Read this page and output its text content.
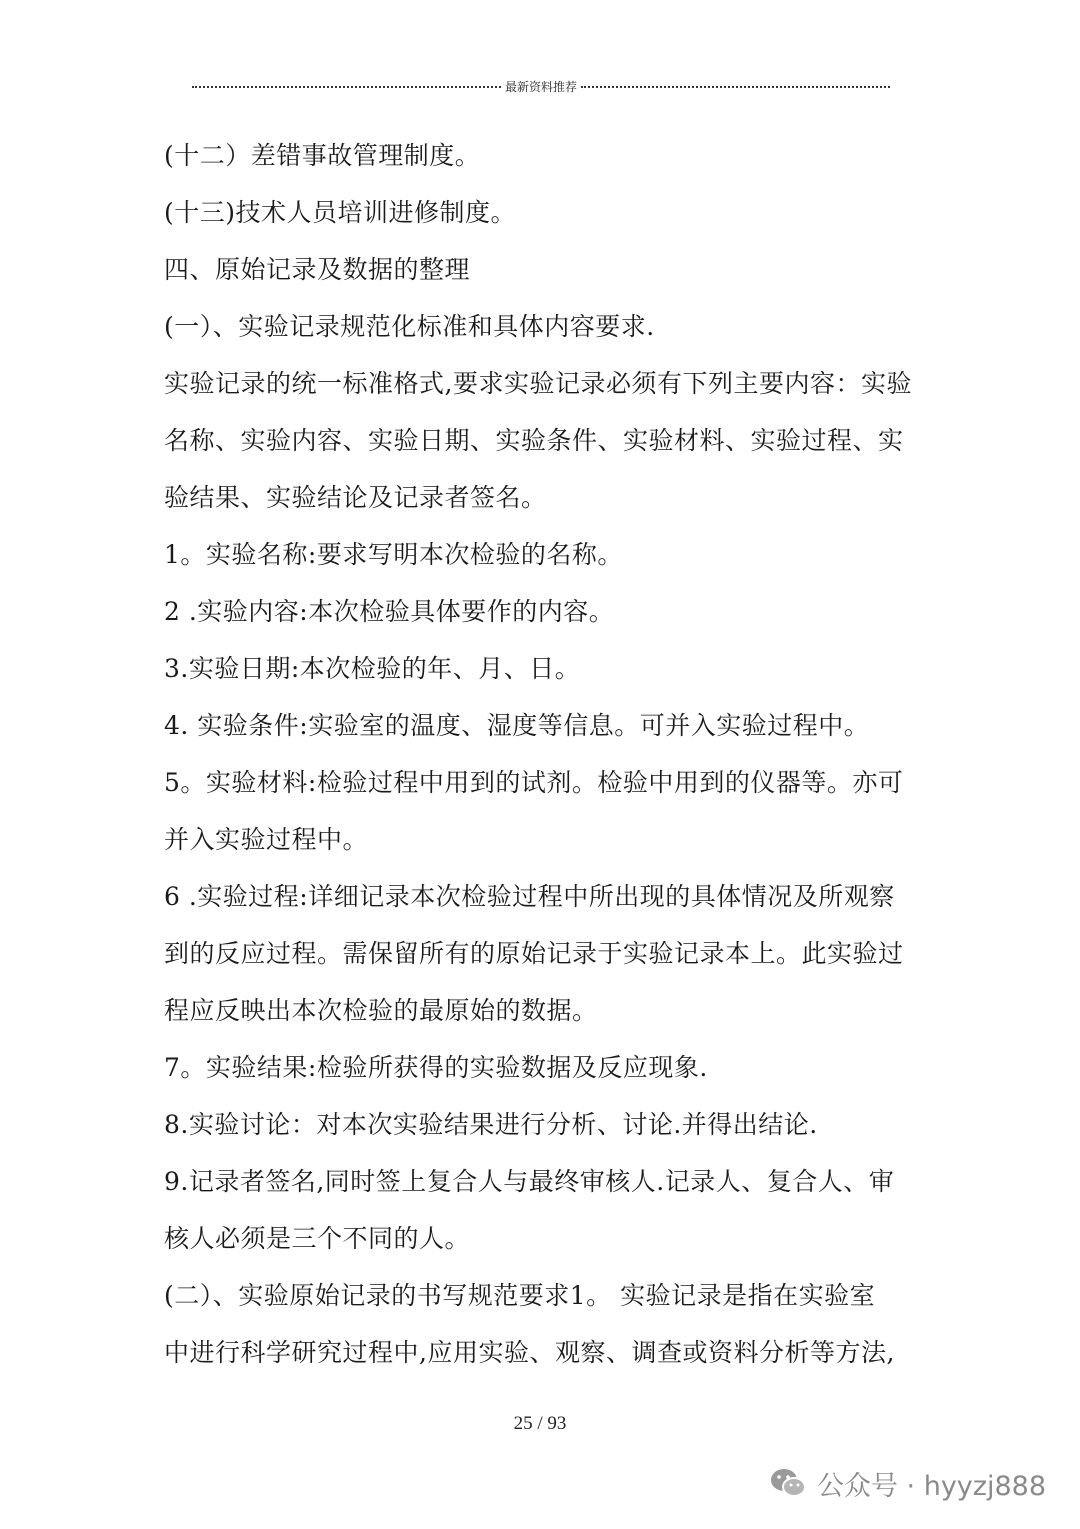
最新资料推荐
(十二）差错事故管理制度。
(十三)技术人员培训进修制度。
四、原始记录及数据的整理
(一）、实验记录规范化标准和具体内容要求.
实验记录的统一标准格式,要求实验记录必须有下列主要内容：实验
名称、实验内容、实验日期、实验条件、实验材料、实验过程、实
验结果、实验结论及记录者签名。
1。实验名称:要求写明本次检验的名称。
2 .实验内容:本次检验具体要作的内容。
3.实验日期:本次检验的年、月、日。
4. 实验条件:实验室的温度、湿度等信息。可并入实验过程中。
5。实验材料:检验过程中用到的试剂。检验中用到的仪器等。亦可
并入实验过程中。
6 .实验过程:详细记录本次检验过程中所出现的具体情况及所观察
到的反应过程。需保留所有的原始记录于实验记录本上。此实验过
程应反映出本次检验的最原始的数据。
7。实验结果:检验所获得的实验数据及反应现象.
8.实验讨论：对本次实验结果进行分析、讨论.并得出结论.
9.记录者签名,同时签上复合人与最终审核人.记录人、复合人、审
核人必须是三个不同的人。
(二）、实验原始记录的书写规范要求1。 实验记录是指在实验室
中进行科学研究过程中,应用实验、观察、调查或资料分析等方法,
25 / 93
公众号 · hyyzj888
